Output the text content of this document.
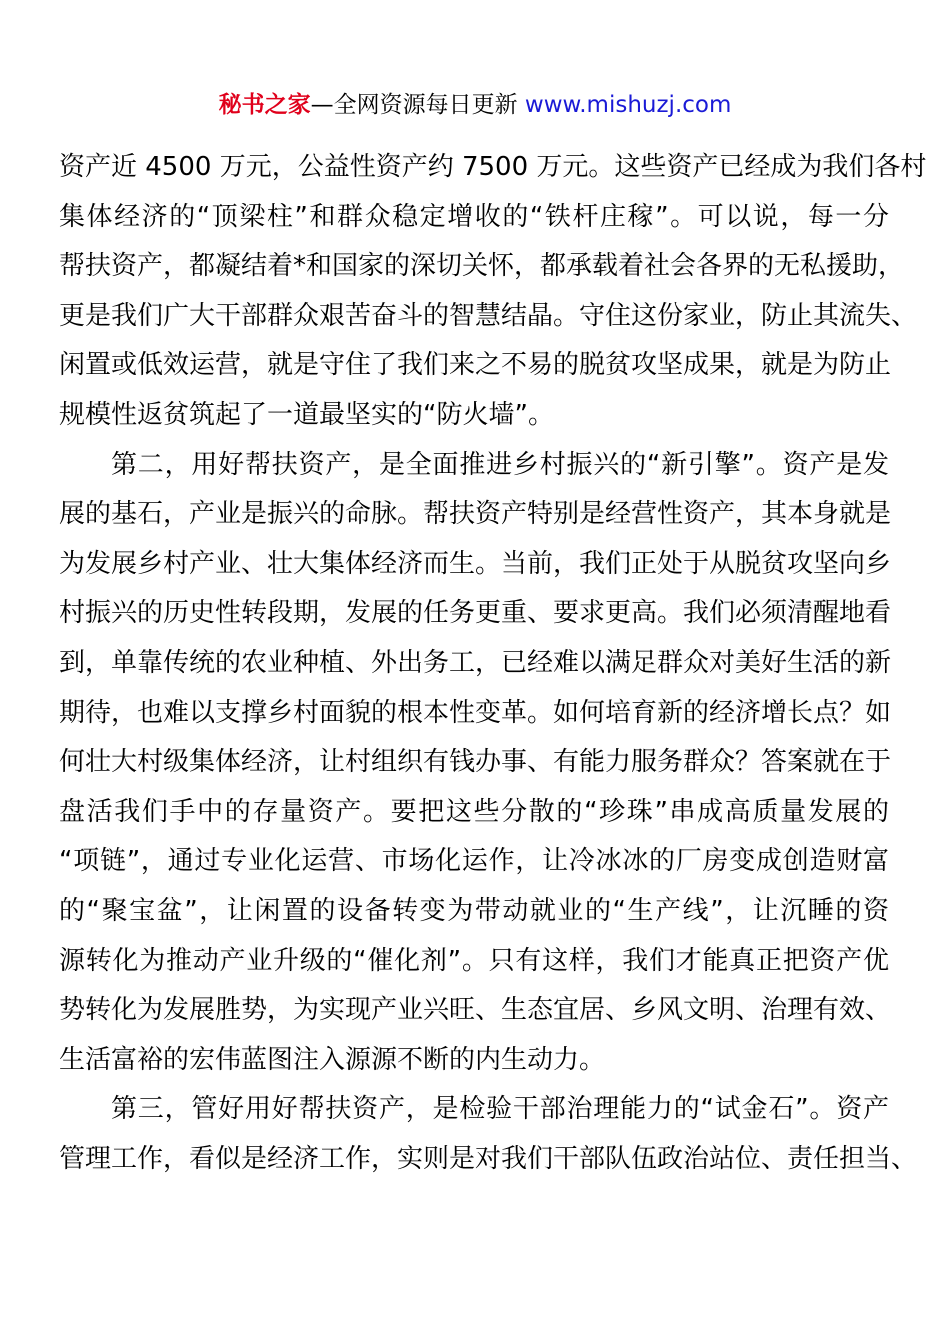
秘书之家—全网资源每日更新 www.mishuzj.com
资产近 4500 万元，公益性资产约 7500 万元。这些资产已经成为我们各村
集体经济的“顶梁柱”和群众稳定增收的“铁杆庄稼”。可以说，每一分
帮扶资产，都凝结着*和国家的深切关怀，都承载着社会各界的无私援助，
更是我们广大干部群众艰苦奋斗的智慧结晶。守住这份家业，防止其流失、
闲置或低效运营，就是守住了我们来之不易的脱贫攻坚成果，就是为防止
规模性返贫筑起了一道最坚实的“防火墙”。
第二，用好帮扶资产，是全面推进乡村振兴的“新引擎”。资产是发
展的基石，产业是振兴的命脉。帮扶资产特别是经营性资产，其本身就是
为发展乡村产业、壮大集体经济而生。当前，我们正处于从脱贫攻坚向乡
村振兴的历史性转段期，发展的任务更重、要求更高。我们必须清醒地看
到，单靠传统的农业种植、外出务工，已经难以满足群众对美好生活的新
期待，也难以支撑乡村面貌的根本性变革。如何培育新的经济增长点？如
何壮大村级集体经济，让村组织有钱办事、有能力服务群众？答案就在于
盘活我们手中的存量资产。要把这些分散的“珍珠”串成高质量发展的
“项链”，通过专业化运营、市场化运作，让冷冰冰的厂房变成创造财富
的“聚宝盆”，让闲置的设备转变为带动就业的“生产线”，让沉睡的资
源转化为推动产业升级的“催化剂”。只有这样，我们才能真正把资产优
势转化为发展胜势，为实现产业兴旺、生态宜居、乡风文明、治理有效、
生活富裕的宏伟蓝图注入源源不断的内生动力。
第三，管好用好帮扶资产，是检验干部治理能力的“试金石”。资产
管理工作，看似是经济工作，实则是对我们干部队伍政治站位、责任担当、
